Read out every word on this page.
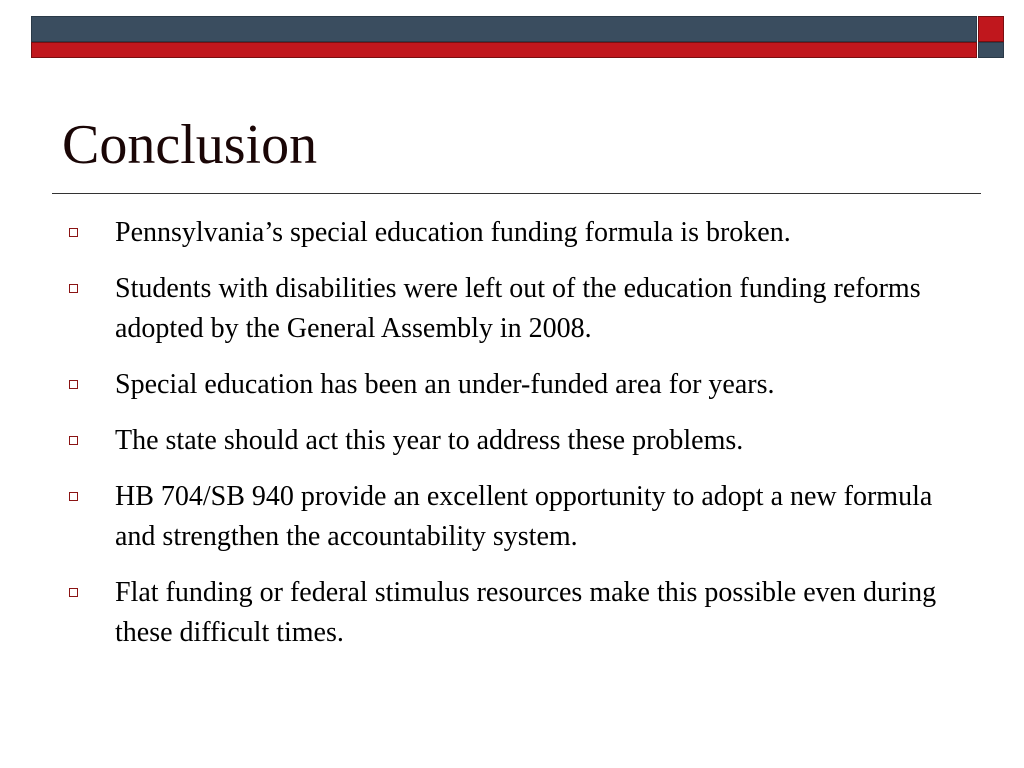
Conclusion
Pennsylvania’s special education funding formula is broken.
Students with disabilities were left out of the education funding reforms adopted by the General Assembly in 2008.
Special education has been an under-funded area for years.
The state should act this year to address these problems.
HB 704/SB 940 provide an excellent opportunity to adopt a new formula and strengthen the accountability system.
Flat funding or federal stimulus resources make this possible even during these difficult times.
